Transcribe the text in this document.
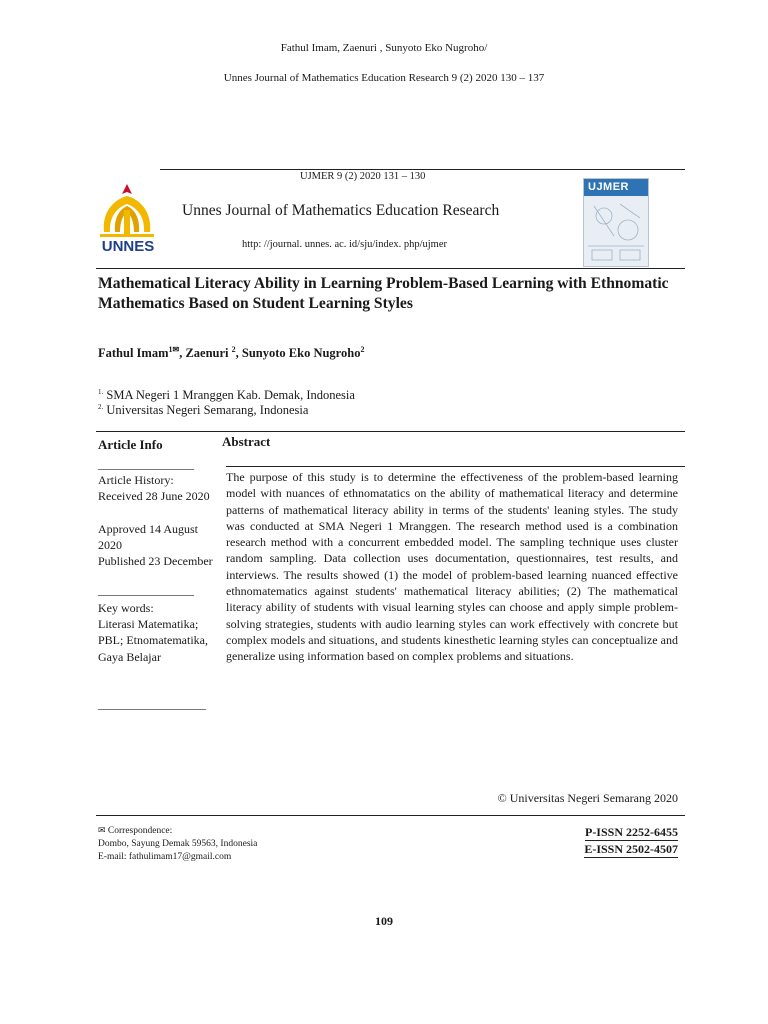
Fathul Imam, Zaenuri , Sunyoto Eko Nugroho/
Unnes Journal of Mathematics Education Research 9 (2) 2020 130 – 137
UJMER 9 (2) 2020 131 – 130
UNNES
Unnes Journal of Mathematics Education Research
http: //journal. unnes. ac. id/sju/index. php/ujmer
UJMER
Mathematical Literacy Ability in Learning Problem-Based Learning with Ethnomatic Mathematics Based on Student Learning Styles
Fathul Imam$^{1✉}$, Zaenuri $^2$, Sunyoto Eko Nugroho$^2$
$^{1.}$ SMA Negeri 1 Mranggen Kab. Demak, Indonesia
$^{2.}$ Universitas Negeri Semarang, Indonesia
Article Info
________________
Article History:
Received 28 June 2020
Approved 14 August 2020
Published 23 December
________________
Key words:
Literasi Matematika; PBL; Etnomatematika, Gaya Belajar
__________________
Abstract
The purpose of this study is to determine the effectiveness of the problem-based learning model with nuances of ethnomatatics on the ability of mathematical literacy and determine patterns of mathematical literacy ability in terms of the students' leaning styles. The study was conducted at SMA Negeri 1 Mranggen. The research method used is a combination research method with a concurrent embedded model. The sampling technique uses cluster random sampling. Data collection uses documentation, questionnaires, test results, and interviews. The results showed (1) the model of problem-based learning nuanced effective ethnomatematics against students' mathematical literacy abilities; (2) The mathematical literacy ability of students with visual learning styles can choose and apply simple problem-solving strategies, students with audio learning styles can work effectively with concrete but complex models and situations, and students kinesthetic learning styles can conceptualize and generalize using information based on complex problems and situations.
© Universitas Negeri Semarang 2020
✉ Correspondence:
Dombo, Sayung Demak 59563, Indonesia
E-mail: fathulimam17@gmail.com
P-ISSN 2252-6455
E-ISSN 2502-4507
109
